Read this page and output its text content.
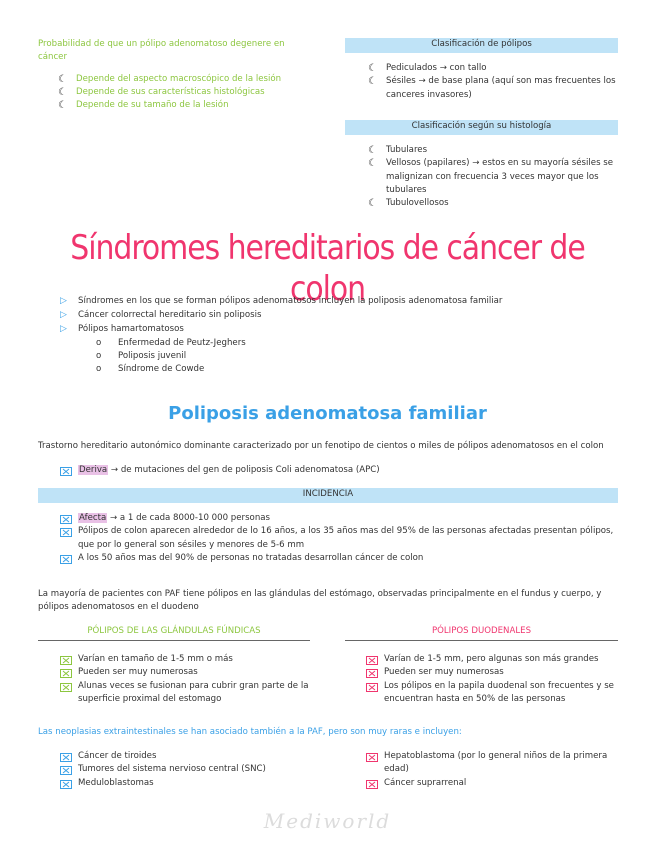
Probabilidad de que un pólipo adenomatoso degenere en cáncer
☾	Depende del aspecto macroscópico de la lesión
☾	Depende de sus características histológicas
☾	Depende de su tamaño de la lesión
Clasificación de pólipos
☾	Pediculados → con tallo
☾	Sésiles → de base plana (aquí son mas frecuentes los canceres invasores)
Clasificación según su histología
☾	Tubulares
☾	Vellosos (papilares) → estos en su mayoría sésiles se malignizan con frecuencia 3 veces mayor que los tubulares
☾	Tubulovellosos
Síndromes hereditarios de cáncer de colon
▷	Síndromes en los que se forman pólipos adenomatosos incluyen la poliposis adenomatosa familiar
▷	Cáncer colorrectal hereditario sin poliposis
▷	Pólipos hamartomatosos
o	Enfermedad de Peutz-Jeghers
o	Poliposis juvenil
o	Síndrome de Cowde
Poliposis adenomatosa familiar
Trastorno hereditario autonómico dominante caracterizado por un fenotipo de cientos o miles de pólipos adenomatosos en el colon
Deriva → de mutaciones del gen de poliposis Coli adenomatosa (APC)
INCIDENCIA
Afecta → a 1 de cada 8000-10 000 personas
Pólipos de colon aparecen alrededor de lo 16 años, a los 35 años mas del 95% de las personas afectadas presentan pólipos, que por lo general son sésiles y menores de 5-6 mm
A los 50 años mas del 90% de personas no tratadas desarrollan cáncer de colon
La mayoría de pacientes con PAF tiene pólipos en las glándulas del estómago, observadas principalmente en el fundus y cuerpo, y pólipos adenomatosos en el duodeno
PÓLIPOS DE LAS GLÁNDULAS FÚNDICAS	PÓLIPOS DUODENALES
Varían en tamaño de 1-5 mm o más
Pueden ser muy numerosas
Alunas veces se fusionan para cubrir gran parte de la superficie proximal del estomago
Varían de 1-5 mm, pero algunas son más grandes
Pueden ser muy numerosas
Los pólipos en la papila duodenal son frecuentes y se encuentran hasta en 50% de las personas
Las neoplasias extraintestinales se han asociado también a la PAF, pero son muy raras e incluyen:
Cáncer de tiroides
Tumores del sistema nervioso central (SNC)
Meduloblastomas
Hepatoblastoma (por lo general niños de la primera edad)
Cáncer suprarrenal
Mediworld
